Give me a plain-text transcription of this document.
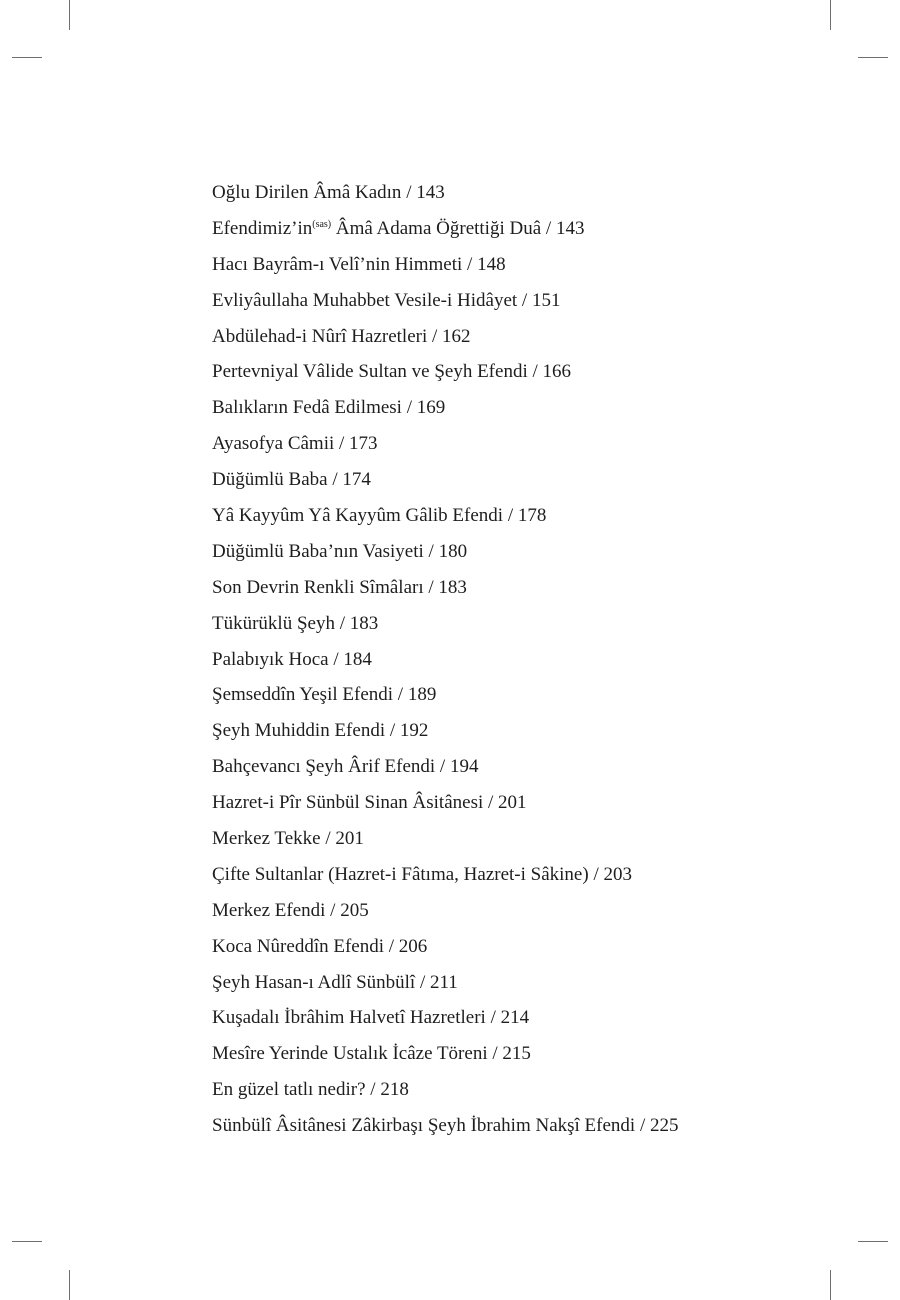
Oğlu Dirilen Âmâ Kadın / 143
$Efendimiz’in^{(sas)}$ Âmâ Adama Öğrettiği Duâ / 143
Hacı Bayrâm-ı Velî’nin Himmeti / 148
Evliyâullaha Muhabbet Vesile-i Hidâyet / 151
Abdülehad-i Nûrî Hazretleri / 162
Pertevniyal Vâlide Sultan ve Şeyh Efendi / 166
Balıkların Fedâ Edilmesi / 169
Ayasofya Câmii / 173
Düğümlü Baba / 174
Yâ Kayyûm Yâ Kayyûm Gâlib Efendi / 178
Düğümlü Baba’nın Vasiyeti / 180
Son Devrin Renkli Sîmâları / 183
Tükürüklü Şeyh / 183
Palabıyık Hoca / 184
Şemseddîn Yeşil Efendi / 189
Şeyh Muhiddin Efendi / 192
Bahçevancı Şeyh Ârif Efendi / 194
Hazret-i Pîr Sünbül Sinan Âsitânesi / 201
Merkez Tekke / 201
Çifte Sultanlar (Hazret-i Fâtıma, Hazret-i Sâkine) / 203
Merkez Efendi / 205
Koca Nûreddîn Efendi / 206
Şeyh Hasan-ı Adlî Sünbülî / 211
Kuşadalı İbrâhim Halvetî Hazretleri / 214
Mesîre Yerinde Ustalık İcâze Töreni / 215
En güzel tatlı nedir? / 218
Sünbülî Âsitânesi Zâkirbaşı Şeyh İbrahim Nakşî Efendi / 225
